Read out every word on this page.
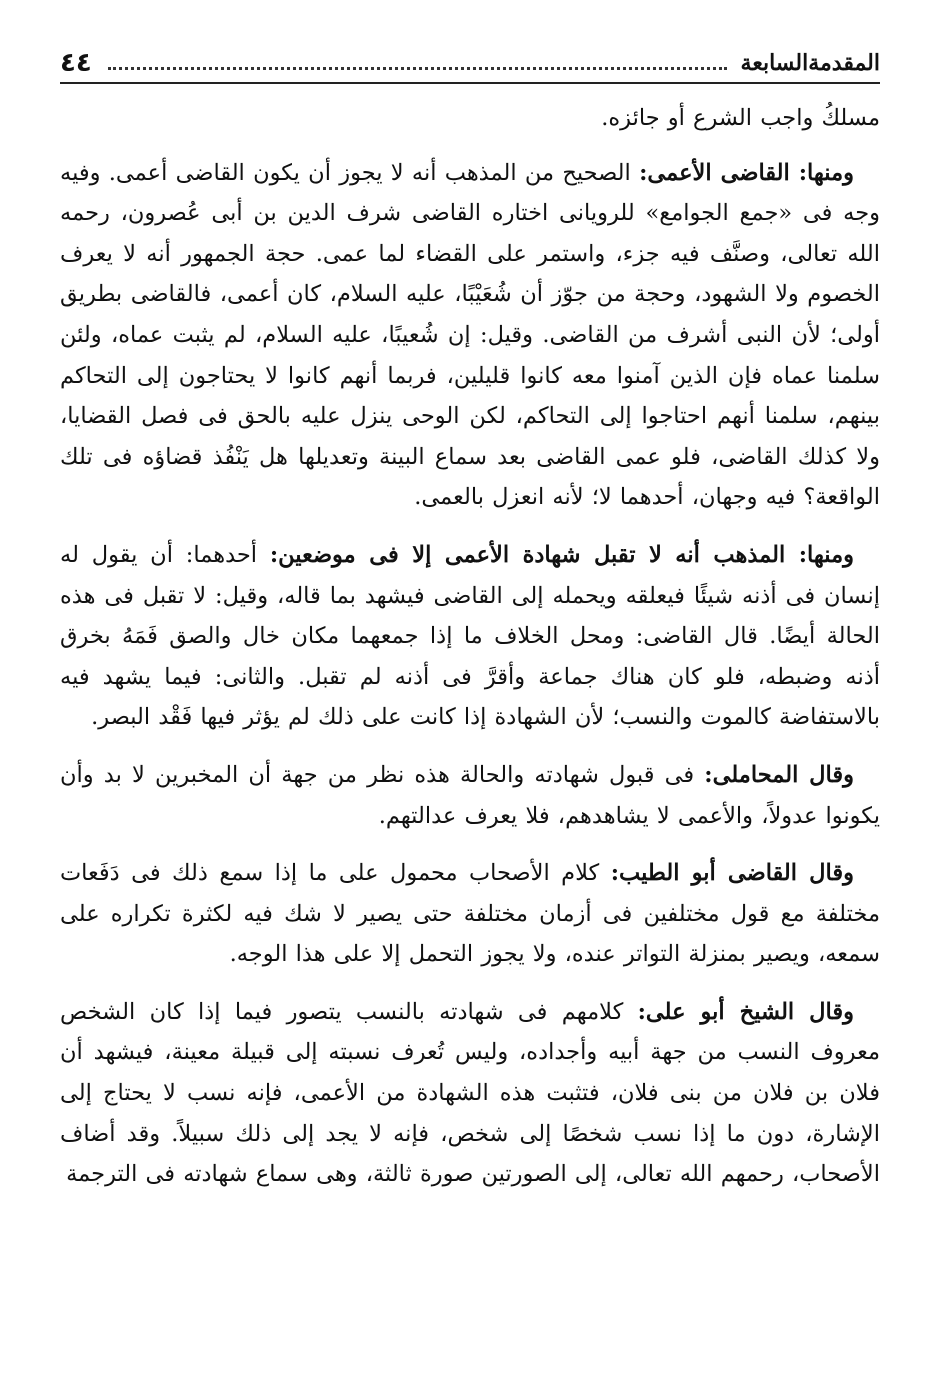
المقدمةالسابعة
٤٤

مسلكُ واجب الشرع أو جائزه.

ومنها: القاضى الأعمى: الصحيح من المذهب أنه لا يجوز أن يكون القاضى أعمى. وفيه وجه فى «جمع الجوامع» للرويانى اختاره القاضى شرف الدين بن أبى عُصرون، رحمه الله تعالى، وصنَّف فيه جزء، واستمر على القضاء لما عمى. حجة الجمهور أنه لا يعرف الخصوم ولا الشهود، وحجة من جوّز أن شُعَيْبًا، عليه السلام، كان أعمى، فالقاضى بطريق أولى؛ لأن النبى أشرف من القاضى. وقيل: إن شُعيبًا، عليه السلام، لم يثبت عماه، ولئن سلمنا عماه فإن الذين آمنوا معه كانوا قليلين، فربما أنهم كانوا لا يحتاجون إلى التحاكم بينهم، سلمنا أنهم احتاجوا إلى التحاكم، لكن الوحى ينزل عليه بالحق فى فصل القضايا، ولا كذلك القاضى، فلو عمى القاضى بعد سماع البينة وتعديلها هل يَنْفُذ قضاؤه فى تلك الواقعة؟ فيه وجهان، أحدهما لا؛ لأنه انعزل بالعمى.

ومنها: المذهب أنه لا تقبل شهادة الأعمى إلا فى موضعين: أحدهما: أن يقول له إنسان فى أذنه شيئًا فيعلقه ويحمله إلى القاضى فيشهد بما قاله، وقيل: لا تقبل فى هذه الحالة أيضًا. قال القاضى: ومحل الخلاف ما إذا جمعهما مكان خال والصق فَمَهُ بخرق أذنه وضبطه، فلو كان هناك جماعة وأقرَّ فى أذنه لم تقبل. والثانى: فيما يشهد فيه بالاستفاضة كالموت والنسب؛ لأن الشهادة إذا كانت على ذلك لم يؤثر فيها فَقْد البصر.

وقال المحاملى: فى قبول شهادته والحالة هذه نظر من جهة أن المخبرين لا بد وأن يكونوا عدولاً، والأعمى لا يشاهدهم، فلا يعرف عدالتهم.

وقال القاضى أبو الطيب: كلام الأصحاب محمول على ما إذا سمع ذلك فى دَفَعات مختلفة مع قول مختلفين فى أزمان مختلفة حتى يصير لا شك فيه لكثرة تكراره على سمعه، ويصير بمنزلة التواتر عنده، ولا يجوز التحمل إلا على هذا الوجه.

وقال الشيخ أبو على: كلامهم فى شهادته بالنسب يتصور فيما إذا كان الشخص معروف النسب من جهة أبيه وأجداده، وليس تُعرف نسبته إلى قبيلة معينة، فيشهد أن فلان بن فلان من بنى فلان، فتثبت هذه الشهادة من الأعمى، فإنه نسب لا يحتاج إلى الإشارة، دون ما إذا نسب شخصًا إلى شخص، فإنه لا يجد إلى ذلك سبيلاً. وقد أضاف الأصحاب، رحمهم الله تعالى، إلى الصورتين صورة ثالثة، وهى سماع شهادته فى الترجمة
